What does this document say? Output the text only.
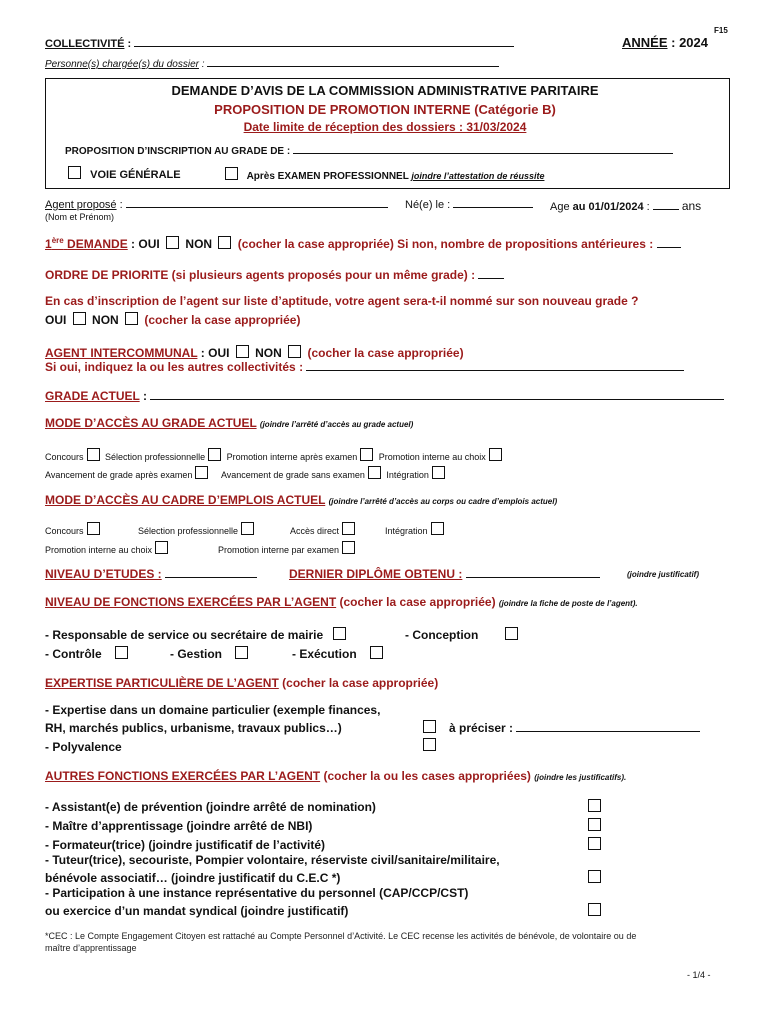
F15
COLLECTIVITÉ :	ANNÉE : 2024
Personne(s) chargée(s) du dossier :
DEMANDE D’AVIS DE LA COMMISSION ADMINISTRATIVE PARITAIRE
PROPOSITION DE PROMOTION INTERNE (Catégorie B)
Date limite de réception des dossiers : 31/03/2024
PROPOSITION D’INSCRIPTION AU GRADE DE :
VOIE GÉNÉRALE	Après EXAMEN PROFESSIONNEL joindre l’attestation de réussite
Agent proposé :
(Nom et Prénom)
Né(e) le :	Age au 01/01/2024 :  ans
1ère DEMANDE : OUI NON (cocher la case appropriée) Si non, nombre de propositions antérieures :
ORDRE DE PRIORITE (si plusieurs agents proposés pour un même grade) :
En cas d’inscription de l’agent sur liste d’aptitude, votre agent sera-t-il nommé sur son nouveau grade ?
OUI NON (cocher la case appropriée)
AGENT INTERCOMMUNAL : OUI NON (cocher la case appropriée)
Si oui, indiquez la ou les autres collectivités :
GRADE ACTUEL :
MODE D’ACCÈS AU GRADE ACTUEL (joindre l’arrêté d’accès au grade actuel)
Concours Sélection professionnelle Promotion interne après examen Promotion interne au choix
Avancement de grade après examen	Avancement de grade sans examen Intégration
MODE D’ACCÈS AU CADRE D’EMPLOIS ACTUEL (joindre l’arrêté d’accès au corps ou cadre d’emplois actuel)
Concours	Sélection professionnelle	Accès direct	Intégration
Promotion interne au choix	Promotion interne par examen
NIVEAU D’ETUDES :	DERNIER DIPLÔME OBTENU :	(joindre justificatif)
NIVEAU DE FONCTIONS EXERCÉES PAR L’AGENT (cocher la case appropriée) (joindre la fiche de poste de l’agent).
- Responsable de service ou secrétaire de mairie	- Conception
- Contrôle	- Gestion	- Exécution
EXPERTISE PARTICULIÈRE DE L’AGENT (cocher la case appropriée)
- Expertise dans un domaine particulier (exemple finances,
RH, marchés publics, urbanisme, travaux publics…)	à préciser :
- Polyvalence
AUTRES FONCTIONS EXERCÉES PAR L’AGENT (cocher la ou les cases appropriées) (joindre les justificatifs).
- Assistant(e) de prévention (joindre arrêté de nomination)
- Maître d’apprentissage (joindre arrêté de NBI)
- Formateur(trice) (joindre justificatif de l’activité)
- Tuteur(trice), secouriste, Pompier volontaire, réserviste civil/sanitaire/militaire,
bénévole associatif… (joindre justificatif du C.E.C *)
- Participation à une instance représentative du personnel (CAP/CCP/CST)
ou exercice d’un mandat syndical (joindre justificatif)
*CEC : Le Compte Engagement Citoyen est rattaché au Compte Personnel d’Activité. Le CEC recense les activités de bénévole, de volontaire ou de
maître d’apprentissage
- 1/4 -
